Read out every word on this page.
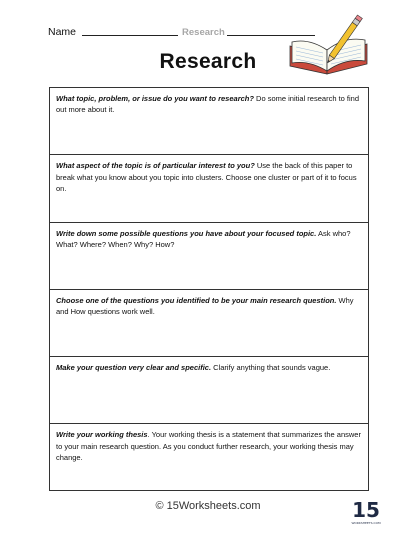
Name	Research
Research
What topic, problem, or issue do you want to research? Do some initial research to find out more about it.
What aspect of the topic is of particular interest to you? Use the back of this paper to break what you know about you topic into clusters. Choose one cluster or part of it to focus on.
Write down some possible questions you have about your focused topic. Ask who? What? Where? When? Why? How?
Choose one of the questions you identified to be your main research question. Why and How questions work well.
Make your question very clear and specific. Clarify anything that sounds vague.
Write your working thesis. Your working thesis is a statement that summarizes the answer to your main research question. As you conduct further research, your working thesis may change.
© 15Worksheets.com	15
WORKSHEETS.COM
